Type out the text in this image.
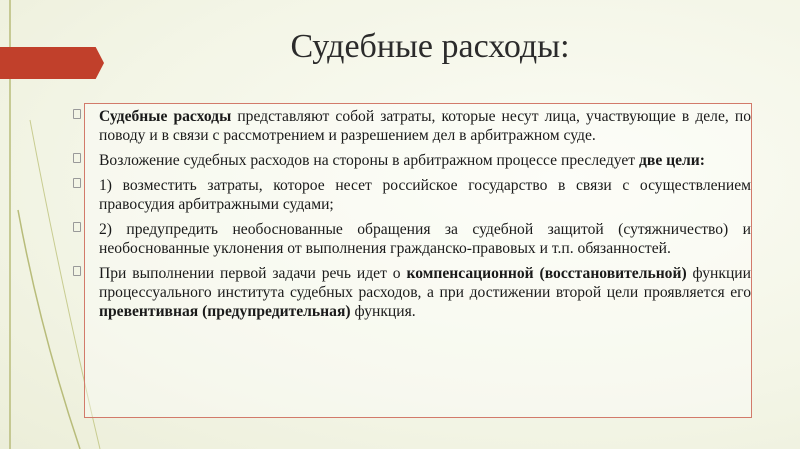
Судебные расходы:

Судебные расходы представляют собой затраты, которые несут лица, участвующие в деле, по поводу и в связи с рассмотрением и разрешением дел в арбитражном суде.

Возложение судебных расходов на стороны в арбитражном процессе преследует две цели:

1) возместить затраты, которое несет российское государство в связи с осуществлением правосудия арбитражными судами;

2) предупредить необоснованные обращения за судебной защитой (сутяжничество) и необоснованные уклонения от выполнения гражданско-правовых и т.п. обязанностей.

При выполнении первой задачи речь идет о компенсационной (восстановительной) функции процессуального института судебных расходов, а при достижении второй цели проявляется его превентивная (предупредительная) функция.
